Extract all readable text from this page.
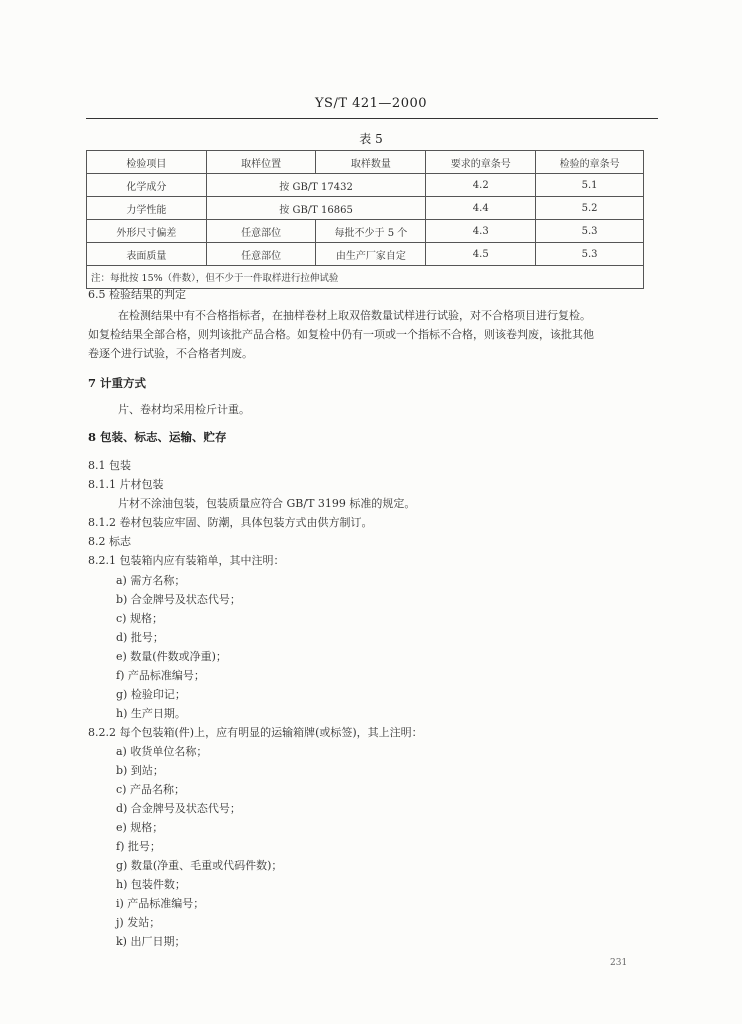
YS/T 421—2000
表 5
检验项目	取样位置	取样数量	要求的章条号	检验的章条号
化学成分	按 GB/T 17432		4.2	5.1
力学性能	按 GB/T 16865		4.4	5.2
外形尺寸偏差	任意部位	每批不少于 5 个	4.3	5.3
表面质量	任意部位	由生产厂家自定	4.5	5.3
注：每批按 15%（件数），但不少于一件取样进行拉伸试验				
6.5 检验结果的判定
在检测结果中有不合格指标者，在抽样卷材上取双倍数量试样进行试验，对不合格项目进行复检。
如复检结果全部合格，则判该批产品合格。如复检中仍有一项或一个指标不合格，则该卷判废，该批其他
卷逐个进行试验，不合格者判废。
7 计重方式
片、卷材均采用检斤计重。
8 包装、标志、运输、贮存
8.1 包装
8.1.1 片材包装
片材不涂油包装，包装质量应符合 GB/T 3199 标准的规定。
8.1.2 卷材包装应牢固、防潮，具体包装方式由供方制订。
8.2 标志
8.2.1 包装箱内应有装箱单，其中注明：
a) 需方名称；
b) 合金牌号及状态代号；
c) 规格；
d) 批号；
e) 数量(件数或净重)；
f) 产品标准编号；
g) 检验印记；
h) 生产日期。
8.2.2 每个包装箱(件)上，应有明显的运输箱牌(或标签)，其上注明：
a) 收货单位名称；
b) 到站；
c) 产品名称；
d) 合金牌号及状态代号；
e) 规格；
f) 批号；
g) 数量(净重、毛重或代码件数)；
h) 包装件数；
i) 产品标准编号；
j) 发站；
k) 出厂日期；
231
